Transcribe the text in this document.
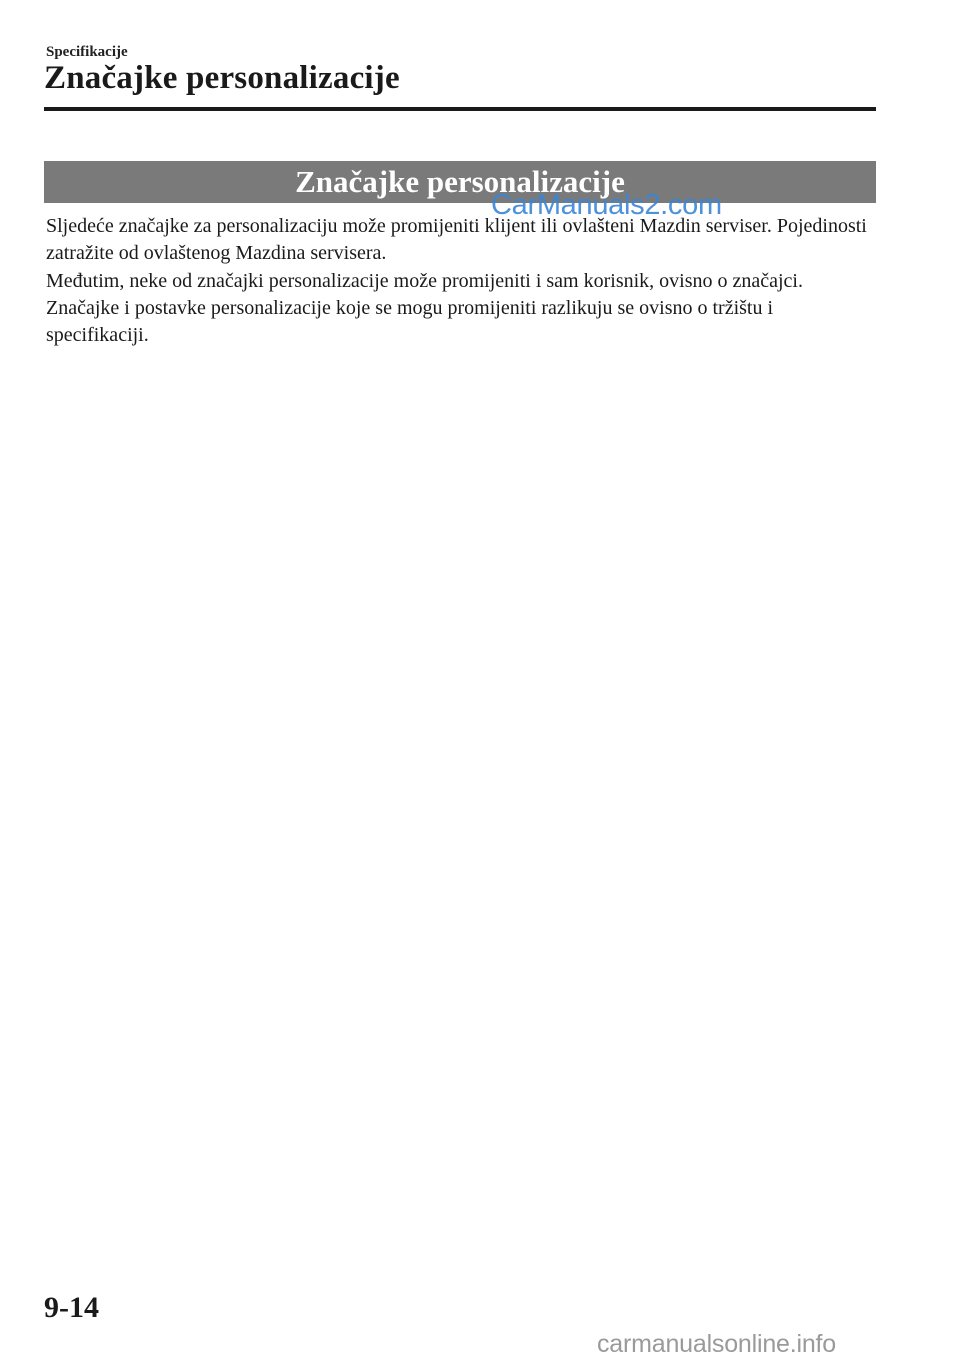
Specifikacije
Značajke personalizacije
Značajke personalizacije
CarManuals2.com

Sljedeće značajke za personalizaciju može promijeniti klijent ili ovlašteni Mazdin serviser. Pojedinosti zatražite od ovlaštenog Mazdina servisera.

Međutim, neke od značajki personalizacije može promijeniti i sam korisnik, ovisno o značajci.

Značajke i postavke personalizacije koje se mogu promijeniti razlikuju se ovisno o tržištu i specifikaciji.

9-14
carmanualsonline.info
